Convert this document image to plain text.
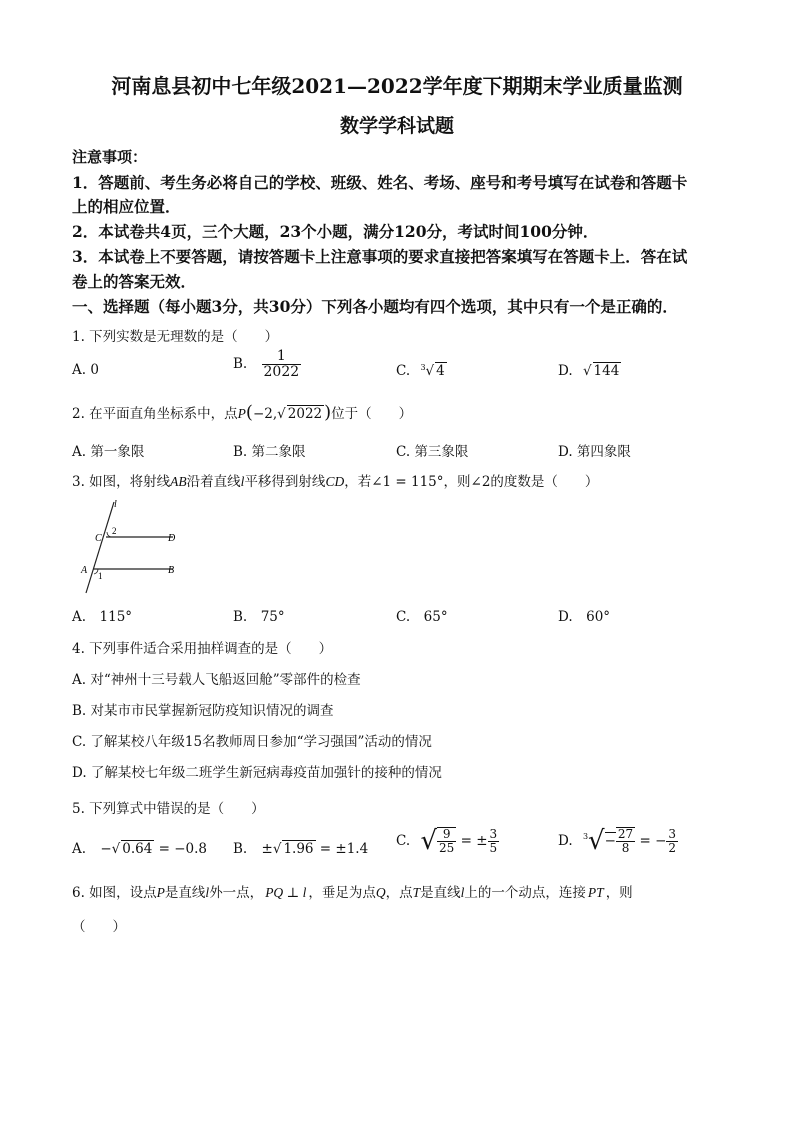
河南息县初中七年级2021—2022学年度下期期末学业质量监测
数学学科试题
注意事项：
1．答题前、考生务必将自己的学校、班级、姓名、考场、座号和考号填写在试卷和答题卡
上的相应位置．
2．本试卷共4页，三个大题，23个小题，满分120分，考试时间100分钟．
3．本试卷上不要答题，请按答题卡上注意事项的要求直接把答案填写在答题卡上．答在试
卷上的答案无效．
一、选择题（每小题3分，共30分）下列各小题均有四个选项，其中只有一个是正确的．
1. 下列实数是无理数的是（　　）
A. 0	B. $\frac{1}{2022}$	C. $^3$√ 4	D. √ 144
2. 在平面直角坐标系中，点P(−2,√ 2022 )位于（　　）
A. 第一象限	B. 第二象限	C. 第三象限	D. 第四象限
3. 如图，将射线AB沿着直线l平移得到射线CD，若∠1 = 115°，则∠2的度数是（　　）
l
C
2
D
A 1	B
A.　115°	B.　75°	C.　65°	D.　60°
4. 下列事件适合采用抽样调查的是（　　）
A. 对“神州十三号载人飞船返回舱”零部件的检查
B. 对某市市民掌握新冠防疫知识情况的调查
C. 了解某校八年级15名教师周日参加“学习强国”活动的情况
D. 了解某校七年级二班学生新冠病毒疫苗加强针的接种的情况
5. 下列算式中错误的是（　　）
A. −√ 0.64 = −0.8 B. ±√ 1.96 = ±1.4 C. √ $\frac{9}{25}$ = ± $\frac{3}{5}$	D. $^3√- \frac{27}{8}$ = − $\frac{3}{2}$
6. 如图，设点P是直线l外一点， PQ ⊥ l ，垂足为点Q，点T是直线l上的一个动点，连接 PT ，则
（　　）
